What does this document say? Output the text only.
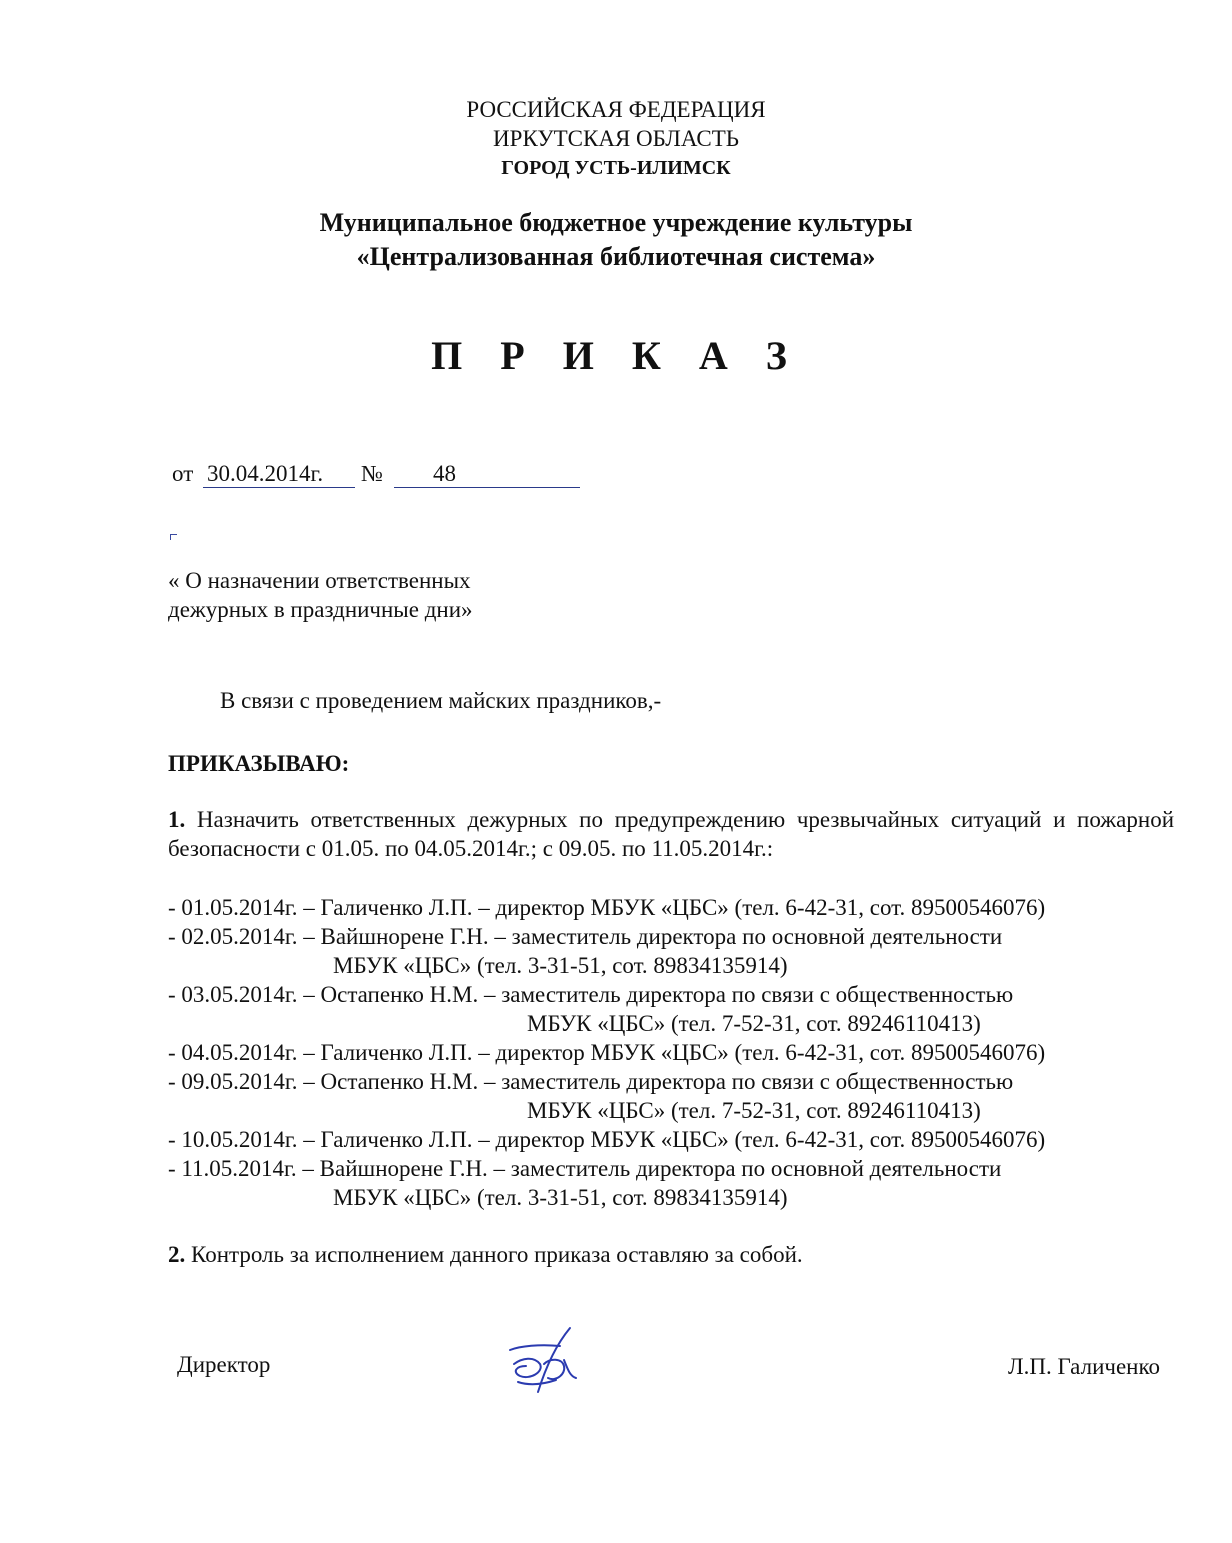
РОССИЙСКАЯ ФЕДЕРАЦИЯ
ИРКУТСКАЯ ОБЛАСТЬ
ГОРОД УСТЬ-ИЛИМСК
Муниципальное бюджетное учреждение культуры
«Централизованная библиотечная система»
П Р И К А З
от 30.04.2014г. № 48
« О назначении ответственных
дежурных в праздничные дни»
В связи с проведением майских праздников,-
ПРИКАЗЫВАЮ:
1. Назначить ответственных дежурных по предупреждению чрезвычайных ситуаций и пожарной безопасности с 01.05. по 04.05.2014г.; с 09.05. по 11.05.2014г.:
- 01.05.2014г. – Галиченко Л.П. – директор МБУК «ЦБС» (тел. 6-42-31, сот. 89500546076)
- 02.05.2014г. – Вайшнорене Г.Н. – заместитель директора по основной деятельности
МБУК «ЦБС» (тел. 3-31-51, сот. 89834135914)
- 03.05.2014г. – Остапенко Н.М. – заместитель директора по связи с общественностью
МБУК «ЦБС» (тел. 7-52-31, сот. 89246110413)
- 04.05.2014г. – Галиченко Л.П. – директор МБУК «ЦБС» (тел. 6-42-31, сот. 89500546076)
- 09.05.2014г. – Остапенко Н.М. – заместитель директора по связи с общественностью
МБУК «ЦБС» (тел. 7-52-31, сот. 89246110413)
- 10.05.2014г. – Галиченко Л.П. – директор МБУК «ЦБС» (тел. 6-42-31, сот. 89500546076)
- 11.05.2014г. – Вайшнорене Г.Н. – заместитель директора по основной деятельности
МБУК «ЦБС» (тел. 3-31-51, сот. 89834135914)
2. Контроль за исполнением данного приказа оставляю за собой.
Директор	Л.П. Галиченко
